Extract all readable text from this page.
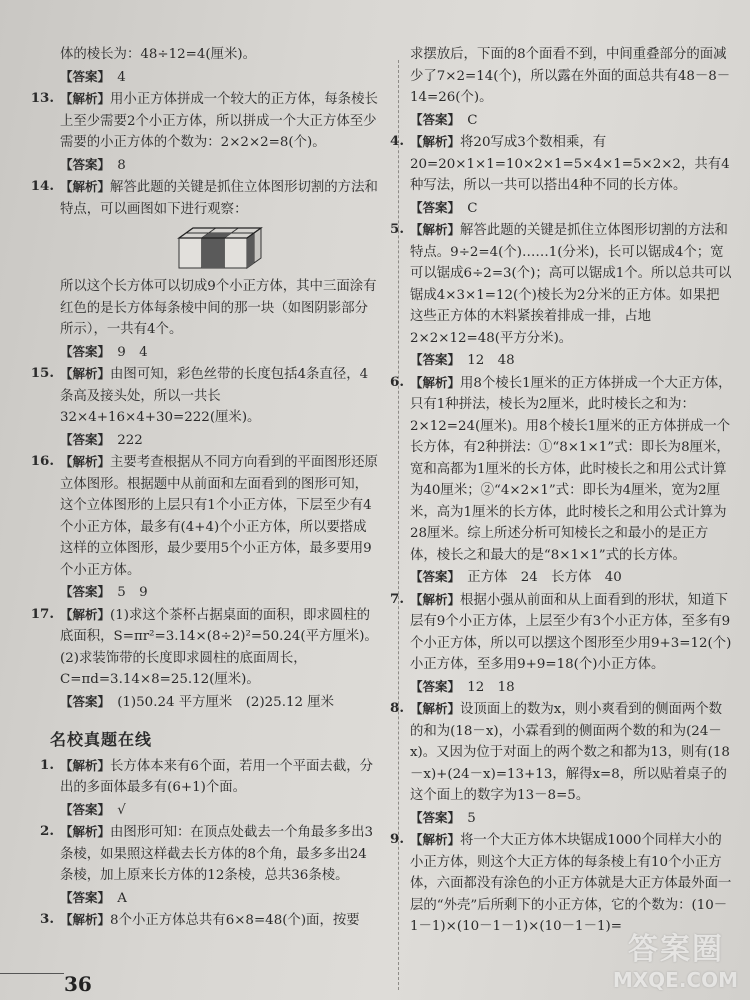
体的棱长为：48÷12=4(厘米)。
【 答案 】　 4

13. 【 解析 】 用小正方体拼成一个较大的正方体，每条棱长上至少需要2个小正方体，所以拼成一个大正方体至少需要的小正方体的个数为：2×2×2=8(个)。
【 答案 】　 8

14. 【 解析 】 解答此题的关键是抓住立体图形切割的方法和特点，可以画图如下进行观察：
所以这个长方体可以切成9个小正方体，其中三面涂有红色的是长方体每条棱中间的那一块（如图阴影部分所示），一共有4个。
【 答案 】　 9　4

15. 【 解析 】 由图可知，彩色丝带的长度包括4条直径，4条高及接头处，所以一共长32×4+16×4+30=222(厘米)。
【 答案 】　 222

16. 【 解析 】 主要考查根据从不同方向看到的平面图形还原立体图形。根据题中从前面和左面看到的图形可知，这个立体图形的上层只有1个小正方体，下层至少有4个小正方体，最多有(4+4)个小正方体，所以要搭成这样的立体图形，最少要用5个小正方体，最多要用9个小正方体。
【 答案 】　 5　9

17. 【 解析 】 (1)求这个茶杯占据桌面的面积，即求圆柱的底面积，S=πr²=3.14×(8÷2)²=50.24(平方厘米)。(2)求装饰带的长度即求圆柱的底面周长，C=πd=3.14×8=25.12(厘米)。
【 答案 】　 (1)50.24 平方厘米　(2)25.12 厘米

名校真题在线

1. 【 解析 】 长方体本来有6个面，若用一个平面去截，分出的多面体最多有(6+1)个面。
【 答案 】　 √

2. 【 解析 】 由图形可知：在顶点处截去一个角最多多出3条棱，如果照这样截去长方体的8个角，最多多出24条棱，加上原来长方体的12条棱，总共36条棱。
【 答案 】　 A

3. 【 解析 】 8个小正方体总共有6×8=48(个)面，按要

求摆放后，下面的8个面看不到，中间重叠部分的面减少了7×2=14(个)，所以露在外面的面总共有48－8－14=26(个)。
【 答案 】　 C

4. 【 解析 】 将20写成3个数相乘，有20=20×1×1=10×2×1=5×4×1=5×2×2，共有4种写法，所以一共可以搭出4种不同的长方体。
【 答案 】　 C

5. 【 解析 】 解答此题的关键是抓住立体图形切割的方法和特点。9÷2=4(个)……1(分米)，长可以锯成4个；宽可以锯成6÷2=3(个)；高可以锯成1个。所以总共可以锯成4×3×1=12(个)棱长为2分米的正方体。如果把这些正方体的木料紧挨着排成一排，占地2×2×12=48(平方分米)。
【 答案 】　 12　48

6. 【 解析 】 用8个棱长1厘米的正方体拼成一个大正方体，只有1种拼法，棱长为2厘米，此时棱长之和为：2×12=24(厘米)。用8个棱长1厘米的正方体拼成一个长方体，有2种拼法：①“8×1×1”式：即长为8厘米，宽和高都为1厘米的长方体，此时棱长之和用公式计算为40厘米；②“4×2×1”式：即长为4厘米，宽为2厘米，高为1厘米的长方体，此时棱长之和用公式计算为28厘米。综上所述分析可知棱长之和最小的是正方体，棱长之和最大的是“8×1×1”式的长方体。
【 答案 】　 正方体　24　长方体　40

7. 【 解析 】 根据小强从前面和从上面看到的形状，知道下层有9个小正方体，上层至少有3个小正方体，至多有9个小正方体，所以可以摆这个图形至少用9+3=12(个)小正方体，至多用9+9=18(个)小正方体。
【 答案 】　 12　18

8. 【 解析 】 设顶面上的数为x，则小爽看到的侧面两个数的和为(18－x)，小霖看到的侧面两个数的和为(24－x)。又因为位于对面上的两个数之和都为13，则有(18－x)+(24－x)=13+13，解得x=8，所以贴着桌子的这个面上的数字为13－8=5。
【 答案 】　 5

9. 【 解析 】 将一个大正方体木块锯成1000个同样大小的小正方体，则这个大正方体的每条棱上有10个小正方体，六面都没有涂色的小正方体就是大正方体最外面一层的“外壳”后所剩下的小正方体，它的个数为：(10－1－1)×(10－1－1)×(10－1－1)=

36
答案圈
MXQE.COM
